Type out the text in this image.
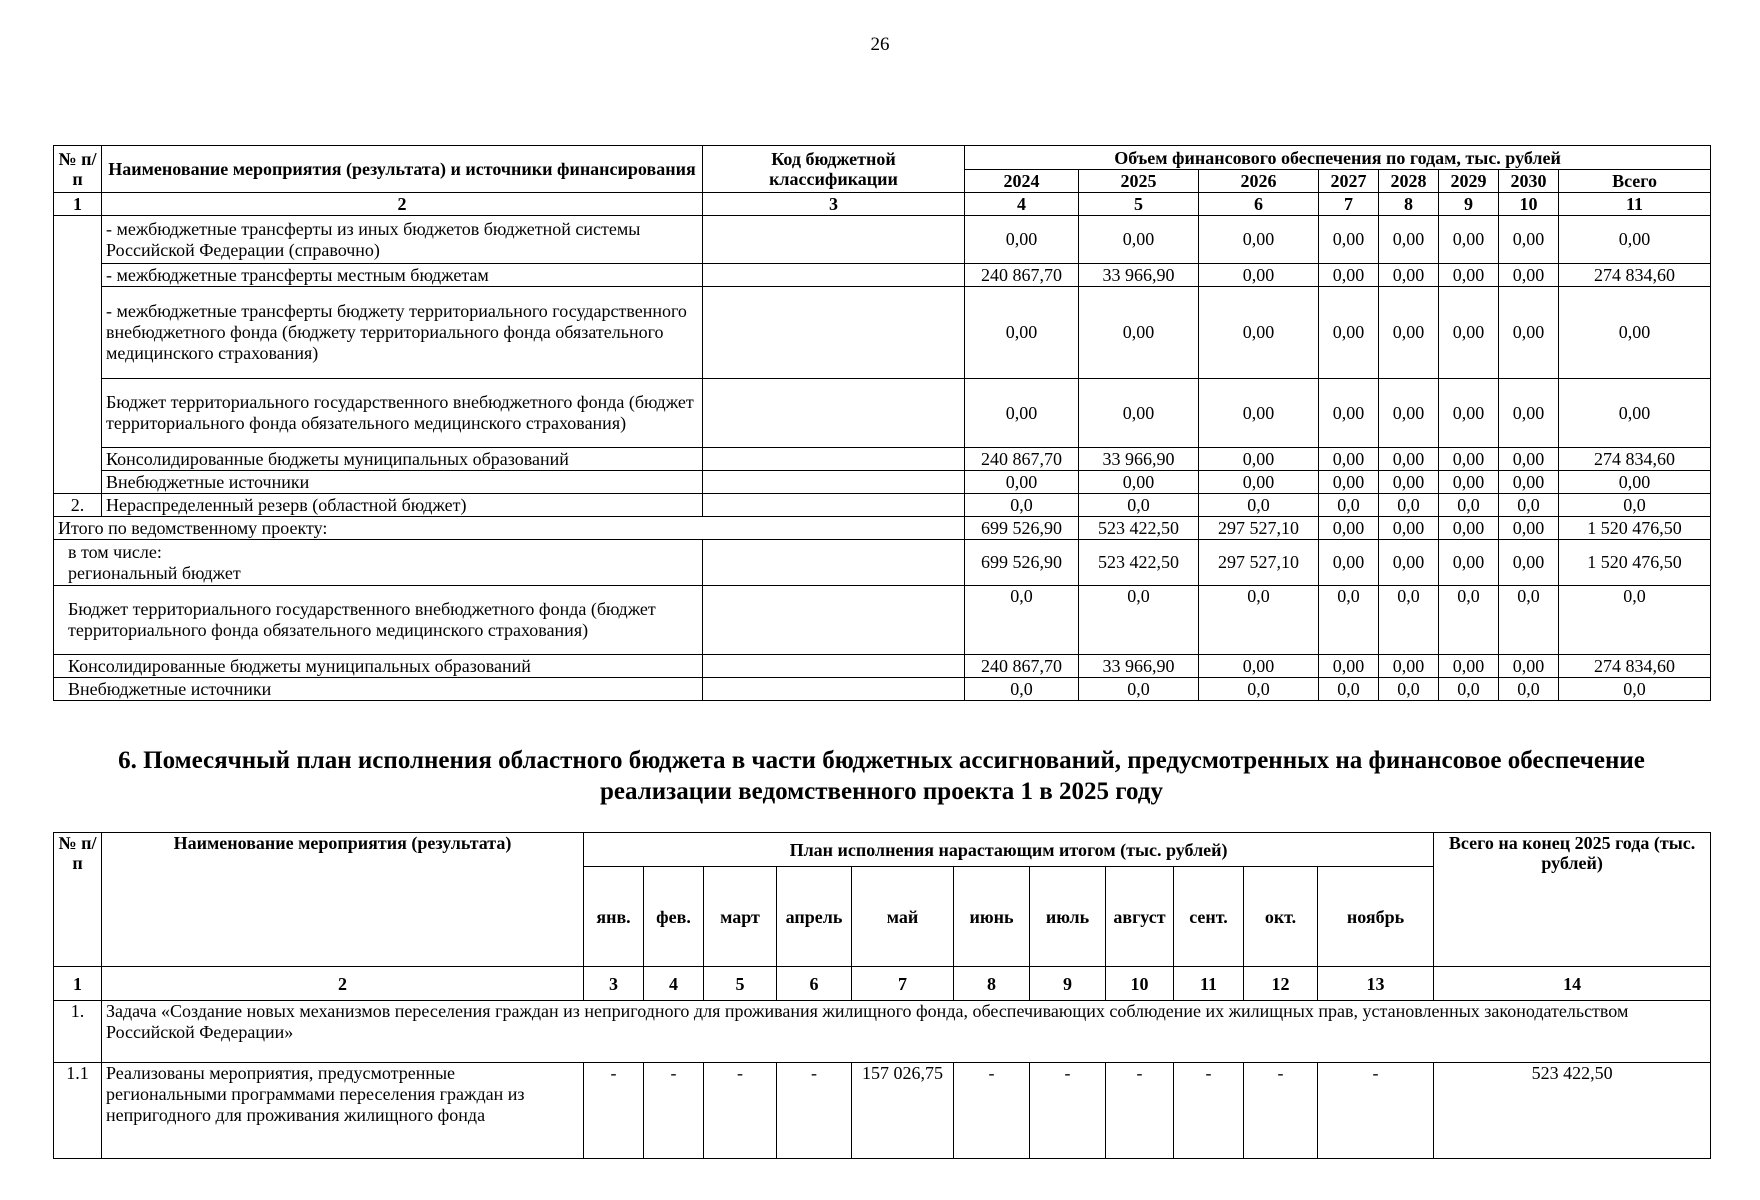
26
№ п/п	Наименование мероприятия (результата) и источники финансирования	Код бюджетной классификации	Объем финансового обеспечения по годам, тыс. рублей							
			2024	2025	2026	2027	2028	2029	2030	Всего
1	2	3	4	5	6	7	8	9	10	11
	- межбюджетные трансферты из иных бюджетов бюджетной системы Российской Федерации (справочно)		0,00	0,00	0,00	0,00	0,00	0,00	0,00	0,00
	- межбюджетные трансферты местным бюджетам		240 867,70	33 966,90	0,00	0,00	0,00	0,00	0,00	274 834,60
	- межбюджетные трансферты бюджету территориального государственного внебюджетного фонда (бюджету территориального фонда обязательного медицинского страхования)		0,00	0,00	0,00	0,00	0,00	0,00	0,00	0,00
	Бюджет территориального государственного внебюджетного фонда (бюджет территориального фонда обязательного медицинского страхования)		0,00	0,00	0,00	0,00	0,00	0,00	0,00	0,00
	Консолидированные бюджеты муниципальных образований		240 867,70	33 966,90	0,00	0,00	0,00	0,00	0,00	274 834,60
	Внебюджетные источники		0,00	0,00	0,00	0,00	0,00	0,00	0,00	0,00
2.	Нераспределенный резерв (областной бюджет)		0,0	0,0	0,0	0,0	0,0	0,0	0,0	0,0
Итого по ведомственному проекту:			699 526,90	523 422,50	297 527,10	0,00	0,00	0,00	0,00	1 520 476,50
в том числе:
региональный бюджет			699 526,90	523 422,50	297 527,10	0,00	0,00	0,00	0,00	1 520 476,50
Бюджет территориального государственного внебюджетного фонда (бюджет территориального фонда обязательного медицинского страхования)			0,0	0,0	0,0	0,0	0,0	0,0	0,0	0,0
Консолидированные бюджеты муниципальных образований			240 867,70	33 966,90	0,00	0,00	0,00	0,00	0,00	274 834,60
Внебюджетные источники			0,0	0,0	0,0	0,0	0,0	0,0	0,0	0,0
6. Помесячный план исполнения областного бюджета в части бюджетных ассигнований, предусмотренных на финансовое обеспечение реализации ведомственного проекта 1 в 2025 году
№ п/п	Наименование мероприятия (результата)	План исполнения нарастающим итогом (тыс. рублей)											Всего на конец 2025 года (тыс. рублей)
		янв.	фев.	март	апрель	май	июнь	июль	август	сент.	окт.	ноябрь	
1	2	3	4	5	6	7	8	9	10	11	12	13	14
1.	Задача «Создание новых механизмов переселения граждан из непригодного для проживания жилищного фонда, обеспечивающих соблюдение их жилищных прав, установленных законодательством Российской Федерации»												
1.1	Реализованы мероприятия, предусмотренные региональными программами переселения граждан из непригодного для проживания жилищного фонда	-	-	-	-	157 026,75	-	-	-	-	-	-	523 422,50
